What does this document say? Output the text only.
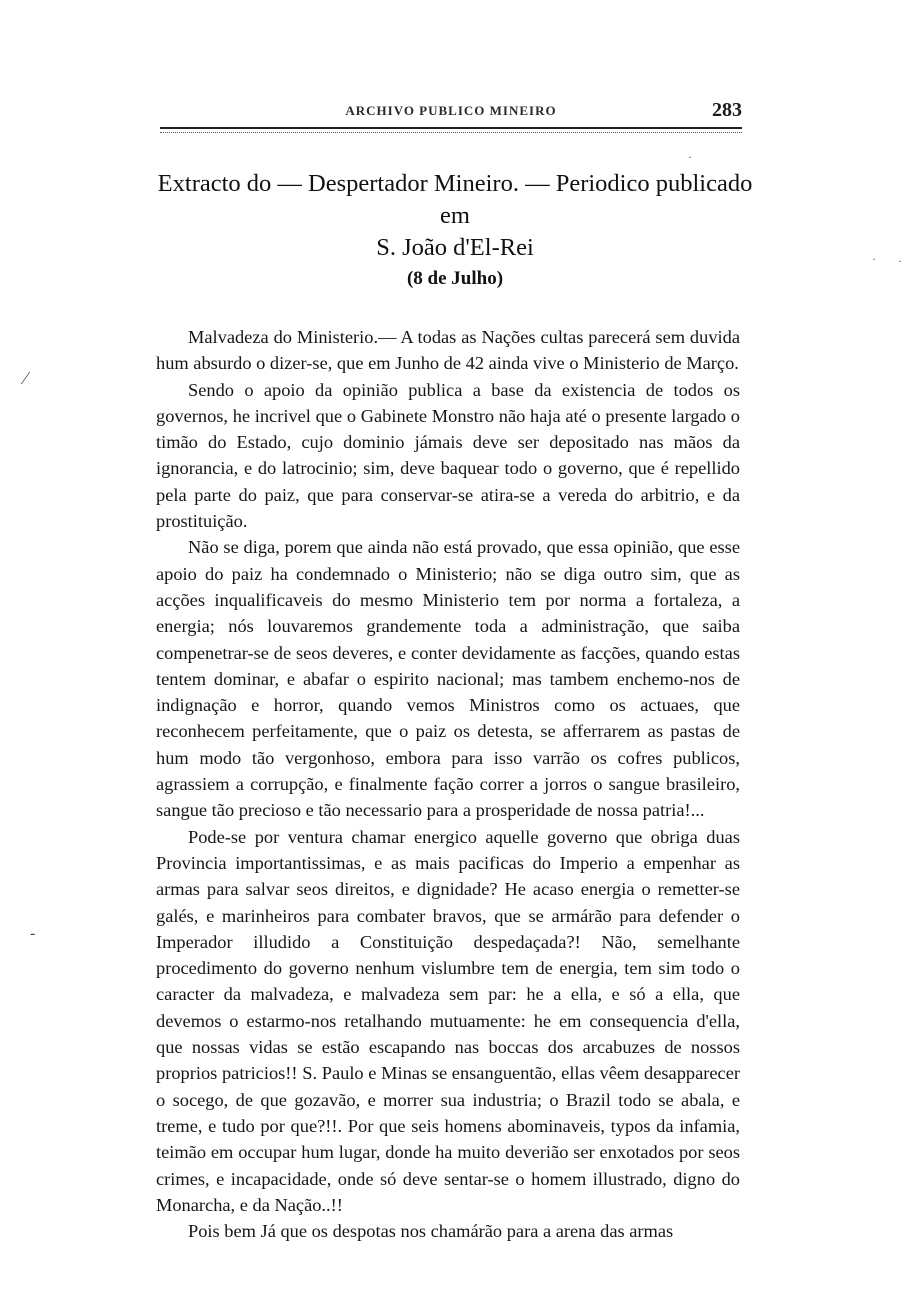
ARCHIVO PUBLICO MINEIRO	283
Extracto do — Despertador Mineiro. — Periodico publicado em
S. João d'El-Rei
(8 de Julho)

Malvadeza do Ministerio.— A todas as Nações cultas parecerá sem duvida hum absurdo o dizer-se, que em Junho de 42 ainda vive o Ministerio de Março.

Sendo o apoio da opinião publica a base da existencia de todos os governos, he incrivel que o Gabinete Monstro não haja até o presente largado o timão do Estado, cujo dominio jámais deve ser depositado nas mãos da ignorancia, e do latrocinio; sim, deve baquear todo o governo, que é repellido pela parte do paiz, que para conservar-se atira-se a vereda do arbitrio, e da prostituição.

Não se diga, porem que ainda não está provado, que essa opinião, que esse apoio do paiz ha condemnado o Ministerio; não se diga outro sim, que as acções inqualificaveis do mesmo Ministerio tem por norma a fortaleza, a energia; nós louvaremos grandemente toda a administração, que saiba compenetrar-se de seos deveres, e conter devidamente as facções, quando estas tentem dominar, e abafar o espirito nacional; mas tambem enchemo-nos de indignação e horror, quando vemos Ministros como os actuaes, que reconhecem perfeitamente, que o paiz os detesta, se afferrarem as pastas de hum modo tão vergonhoso, embora para isso varrão os cofres publicos, agrassiem a corrupção, e finalmente fação correr a jorros o sangue brasileiro, sangue tão precioso e tão necessario para a prosperidade de nossa patria!...

Pode-se por ventura chamar energico aquelle governo que obriga duas Provincia importantissimas, e as mais pacificas do Imperio a empenhar as armas para salvar seos direitos, e dignidade? He acaso energia o remetter-se galés, e marinheiros para combater bravos, que se armárão para defender o Imperador illudido a Constituição despedaçada?! Não, semelhante procedimento do governo nenhum vislumbre tem de energia, tem sim todo o caracter da malvadeza, e malvadeza sem par: he a ella, e só a ella, que devemos o estarmo-nos retalhando mutuamente: he em consequencia d'ella, que nossas vidas se estão escapando nas boccas dos arcabuzes de nossos proprios patricios!! S. Paulo e Minas se ensanguentão, ellas vêem desapparecer o socego, de que gozavão, e morrer sua industria; o Brazil todo se abala, e treme, e tudo por que?!!. Por que seis homens abominaveis, typos da infamia, teimão em occupar hum lugar, donde ha muito deverião ser enxotados por seos crimes, e incapacidade, onde só deve sentar-se o homem illustrado, digno do Monarcha, e da Nação..!!

Pois bem Já que os despotas nos chamárão para a arena das armas

·
· ·
⁄
‐
